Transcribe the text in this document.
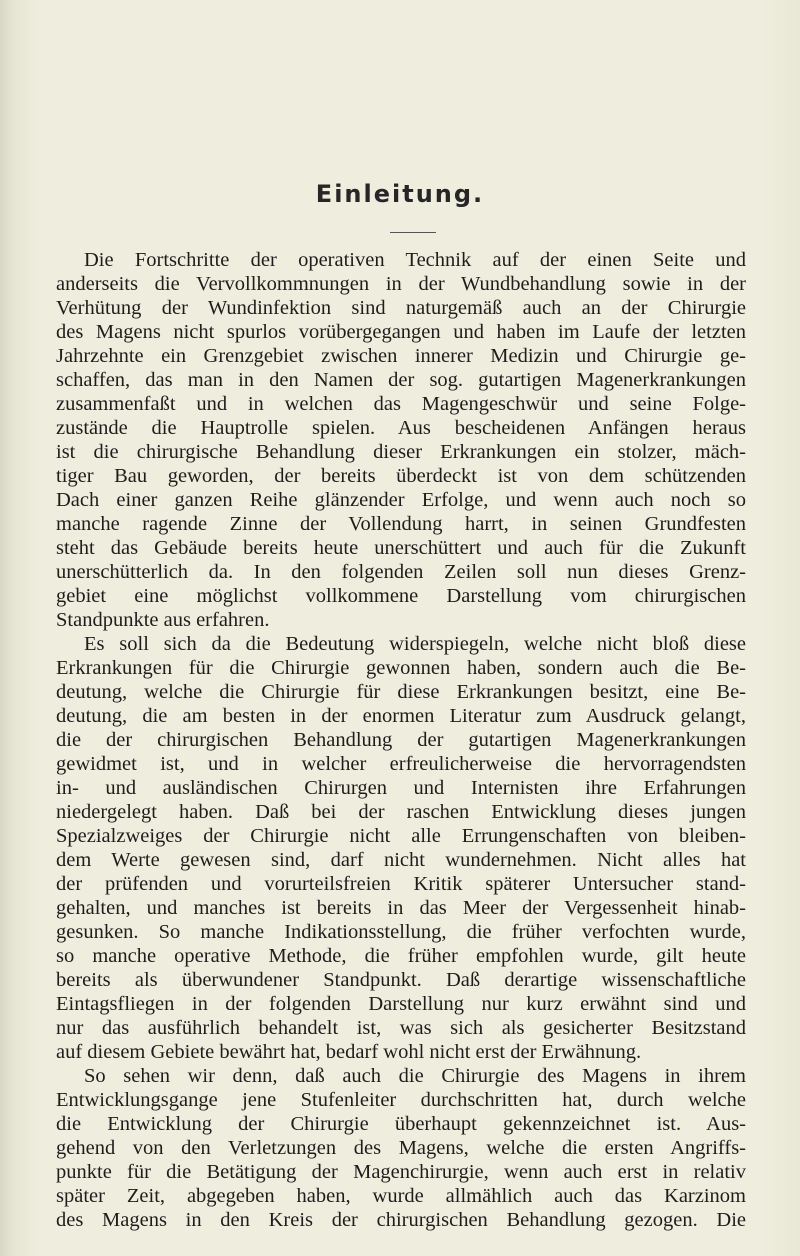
Einleitung.
Die Fortschritte der operativen Technik auf der einen Seite und
anderseits die Vervollkommnungen in der Wundbehandlung sowie in der
Verhütung der Wundinfektion sind naturgemäß auch an der Chirurgie
des Magens nicht spurlos vorübergegangen und haben im Laufe der letzten
Jahrzehnte ein Grenzgebiet zwischen innerer Medizin und Chirurgie ge-
schaffen, das man in den Namen der sog. gutartigen Magenerkrankungen
zusammenfaßt und in welchen das Magengeschwür und seine Folge-
zustände die Hauptrolle spielen. Aus bescheidenen Anfängen heraus
ist die chirurgische Behandlung dieser Erkrankungen ein stolzer, mäch-
tiger Bau geworden, der bereits überdeckt ist von dem schützenden
Dach einer ganzen Reihe glänzender Erfolge, und wenn auch noch so
manche ragende Zinne der Vollendung harrt, in seinen Grundfesten
steht das Gebäude bereits heute unerschüttert und auch für die Zukunft
unerschütterlich da. In den folgenden Zeilen soll nun dieses Grenz-
gebiet eine möglichst vollkommene Darstellung vom chirurgischen
Standpunkte aus erfahren.
Es soll sich da die Bedeutung widerspiegeln, welche nicht bloß diese
Erkrankungen für die Chirurgie gewonnen haben, sondern auch die Be-
deutung, welche die Chirurgie für diese Erkrankungen besitzt, eine Be-
deutung, die am besten in der enormen Literatur zum Ausdruck gelangt,
die der chirurgischen Behandlung der gutartigen Magenerkrankungen
gewidmet ist, und in welcher erfreulicherweise die hervorragendsten
in- und ausländischen Chirurgen und Internisten ihre Erfahrungen
niedergelegt haben. Daß bei der raschen Entwicklung dieses jungen
Spezialzweiges der Chirurgie nicht alle Errungenschaften von bleiben-
dem Werte gewesen sind, darf nicht wundernehmen. Nicht alles hat
der prüfenden und vorurteilsfreien Kritik späterer Untersucher stand-
gehalten, und manches ist bereits in das Meer der Vergessenheit hinab-
gesunken. So manche Indikationsstellung, die früher verfochten wurde,
so manche operative Methode, die früher empfohlen wurde, gilt heute
bereits als überwundener Standpunkt. Daß derartige wissenschaftliche
Eintagsfliegen in der folgenden Darstellung nur kurz erwähnt sind und
nur das ausführlich behandelt ist, was sich als gesicherter Besitzstand
auf diesem Gebiete bewährt hat, bedarf wohl nicht erst der Erwähnung.
So sehen wir denn, daß auch die Chirurgie des Magens in ihrem
Entwicklungsgange jene Stufenleiter durchschritten hat, durch welche
die Entwicklung der Chirurgie überhaupt gekennzeichnet ist. Aus-
gehend von den Verletzungen des Magens, welche die ersten Angriffs-
punkte für die Betätigung der Magenchirurgie, wenn auch erst in relativ
später Zeit, abgegeben haben, wurde allmählich auch das Karzinom
des Magens in den Kreis der chirurgischen Behandlung gezogen. Die
